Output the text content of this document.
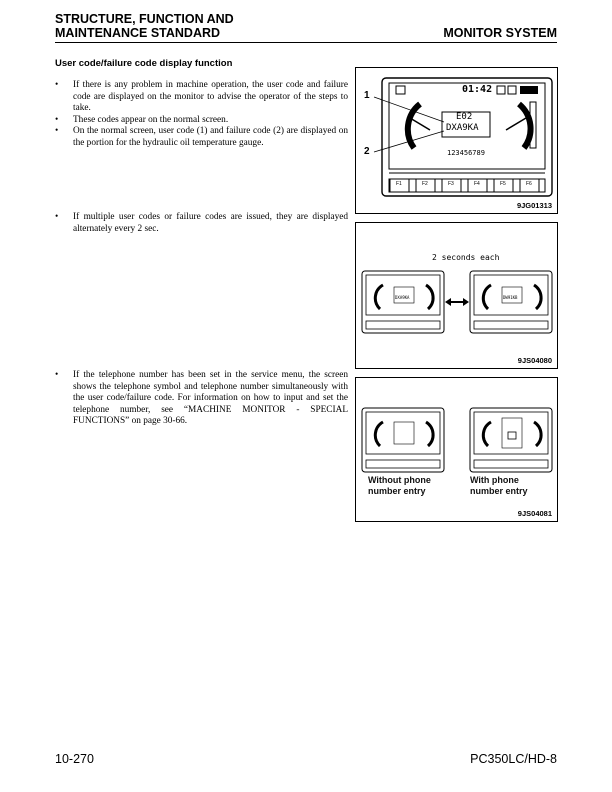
STRUCTURE, FUNCTION AND
MAINTENANCE STANDARD	MONITOR SYSTEM
User code/failure code display function
• If there is any problem in machine operation, the user code and failure code are displayed on the monitor to advise the operator of the steps to take.
• These codes appear on the normal screen.
• On the normal screen, user code (1) and failure code (2) are displayed on the portion for the hydraulic oil temperature gauge.
• If multiple user codes or failure codes are issued, they are displayed alternately every 2 sec.
• If the telephone number has been set in the service menu, the screen shows the telephone symbol and telephone number simultaneously with the user code/failure code. For information on how to input and set the telephone number, see “MACHINE MONITOR - SPECIAL FUNCTIONS” on page 30-66.
1
2
01:42
E02
DXA9KA
123456789
F1	F2	F3	F4	F5	F6
9JG01313
2 seconds each
DXA9KA	DW91KB
9JS04080
Without phone
number entry
With phone
number entry
9JS04081
10-270	PC350LC/HD-8
